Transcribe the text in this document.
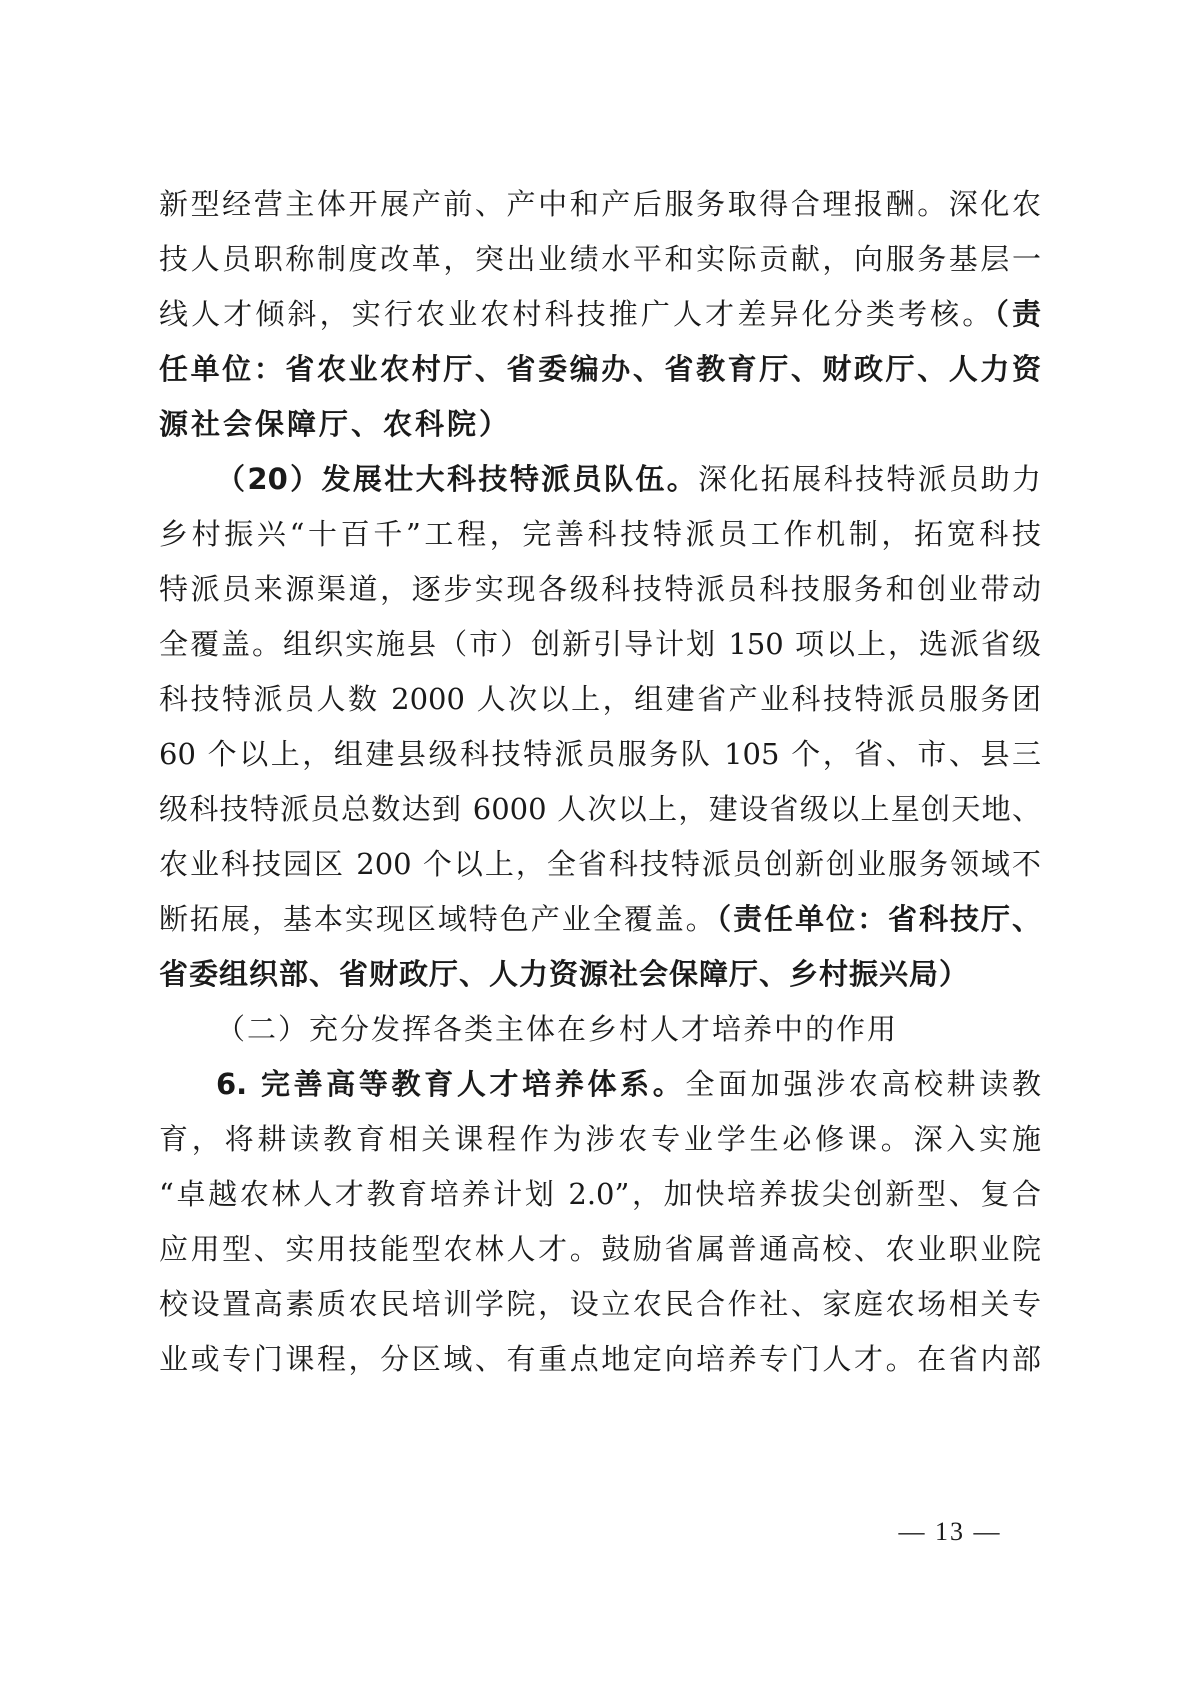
新型经营主体开展产前、产中和产后服务取得合理报酬。深化农
技人员职称制度改革，突出业绩水平和实际贡献，向服务基层一
线人才倾斜，实行农业农村科技推广人才差异化分类考核。（责
任单位：省农业农村厅、省委编办、省教育厅、财政厅、人力资
源社会保障厅、农科院）
（20）发展壮大科技特派员队伍。深化拓展科技特派员助力
乡村振兴“十百千”工程，完善科技特派员工作机制，拓宽科技
特派员来源渠道，逐步实现各级科技特派员科技服务和创业带动
全覆盖。组织实施县（市）创新引导计划 150 项以上，选派省级
科技特派员人数 2000 人次以上，组建省产业科技特派员服务团
60 个以上，组建县级科技特派员服务队 105 个，省、市、县三
级科技特派员总数达到 6000 人次以上，建设省级以上星创天地、
农业科技园区 200 个以上，全省科技特派员创新创业服务领域不
断拓展，基本实现区域特色产业全覆盖。（责任单位：省科技厅、
省委组织部、省财政厅、人力资源社会保障厅、乡村振兴局）
（二）充分发挥各类主体在乡村人才培养中的作用
6. 完善高等教育人才培养体系。全面加强涉农高校耕读教
育，将耕读教育相关课程作为涉农专业学生必修课。深入实施
“卓越农林人才教育培养计划 2.0”，加快培养拔尖创新型、复合
应用型、实用技能型农林人才。鼓励省属普通高校、农业职业院
校设置高素质农民培训学院，设立农民合作社、家庭农场相关专
业或专门课程，分区域、有重点地定向培养专门人才。在省内部
— 13 —
